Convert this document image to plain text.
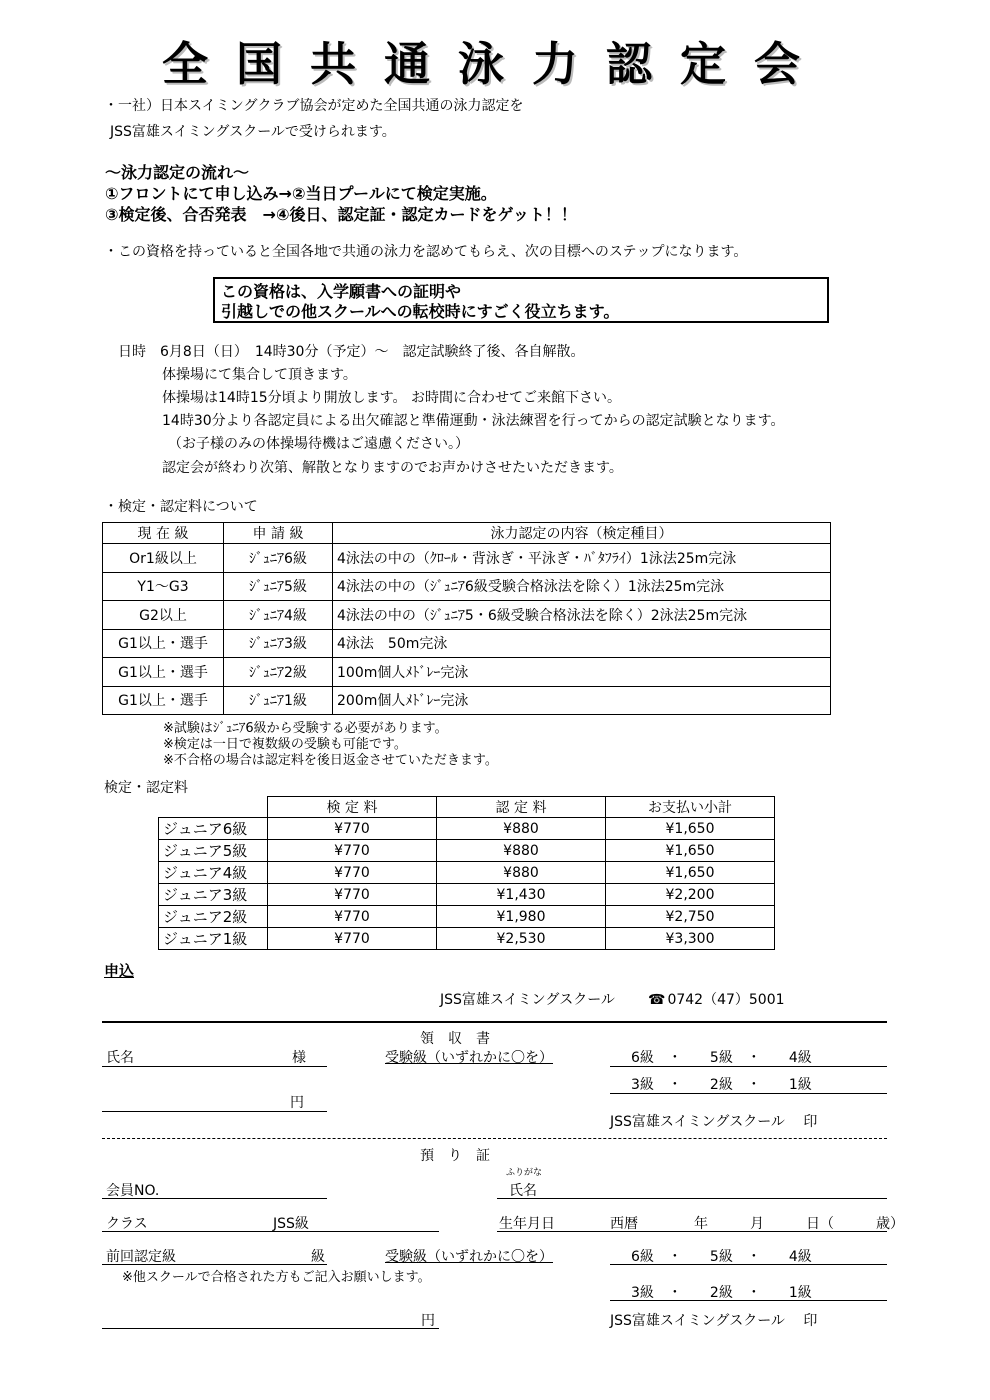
全国共通泳力認定会
・一社）日本スイミングクラブ協会が定めた全国共通の泳力認定を
JSS富雄スイミングスクールで受けられます。
～泳力認定の流れ～
①フロントにて申し込み→②当日プールにて検定実施。
③検定後、合否発表　→④後日、認定証・認定カードをゲット！！
・この資格を持っていると全国各地で共通の泳力を認めてもらえ、次の目標へのステップになります。
この資格は、入学願書への証明や
引越しでの他スクールへの転校時にすごく役立ちます。
日時　6月8日（日）　14時30分（予定）～　認定試験終了後、各自解散。
体操場にて集合して頂きます。
体操場は14時15分頃より開放します。 お時間に合わせてご来館下さい。
14時30分より各認定員による出欠確認と準備運動・泳法練習を行ってからの認定試験となります。
（お子様のみの体操場待機はご遠慮ください。）
認定会が終わり次第、解散となりますのでお声かけさせたいただきます。
・検定・認定料について
現 在 級	申 請 級	泳力認定の内容（検定種目）
Or1級以上	ｼﾞｭﾆｱ6級	4泳法の中の（ｸﾛｰﾙ・背泳ぎ・平泳ぎ・ﾊﾞﾀﾌﾗｲ）1泳法25m完泳
Y1～G3	ｼﾞｭﾆｱ5級	4泳法の中の（ｼﾞｭﾆｱ6級受験合格泳法を除く）1泳法25m完泳
G2以上	ｼﾞｭﾆｱ4級	4泳法の中の（ｼﾞｭﾆｱ5・6級受験合格泳法を除く）2泳法25m完泳
G1以上・選手	ｼﾞｭﾆｱ3級	4泳法　50m完泳
G1以上・選手	ｼﾞｭﾆｱ2級	100m個人ﾒﾄﾞﾚｰ完泳
G1以上・選手	ｼﾞｭﾆｱ1級	200m個人ﾒﾄﾞﾚｰ完泳
※試験はｼﾞｭﾆｱ6級から受験する必要があります。
※検定は一日で複数級の受験も可能です。
※不合格の場合は認定料を後日返金させていただきます。
検定・認定料
	検 定 料	認 定 料	お支払い小計
ジュニア6級	¥770	¥880	¥1,650
ジュニア5級	¥770	¥880	¥1,650
ジュニア4級	¥770	¥880	¥1,650
ジュニア3級	¥770	¥1,430	¥2,200
ジュニア2級	¥770	¥1,980	¥2,750
ジュニア1級	¥770	¥2,530	¥3,300
申込
JSS富雄スイミングスクール ☎ 0742（47）5001
領　収　書
氏名	様	受験級（いずれかに〇を）	6級　・　　5級　・　　4級
3級　・　　2級　・　　1級
円
JSS富雄スイミングスクール　 印
預　り　証
ふりがな
会員NO.	氏名
クラス	JSS級	生年月日	西暦　　　　年　　　月　　　日（　　　歳）
前回認定級	級	受験級（いずれかに〇を）	6級　・　　5級　・　　4級
※他スクールで合格された方もご記入お願いします。
3級　・　　2級　・　　1級
円	JSS富雄スイミングスクール　 印
